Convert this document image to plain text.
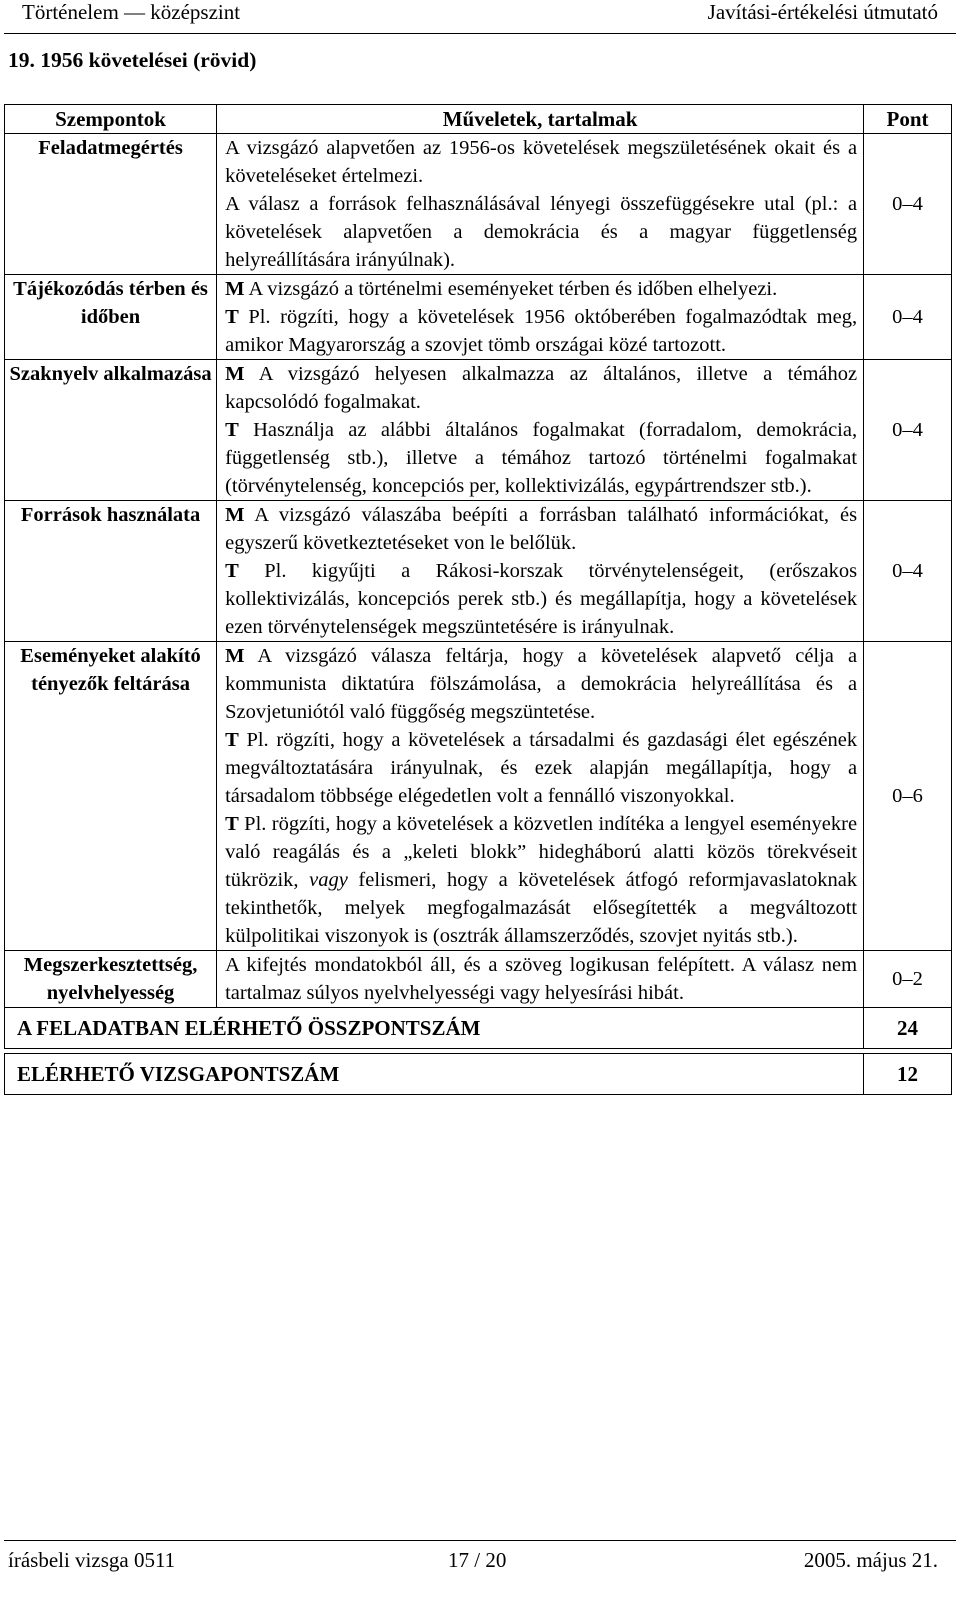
Történelem — középszint	Javítási-értékelési útmutató
19. 1956 követelései (rövid)
Szempontok	Műveletek, tartalmak	Pont
Feladatmegértés	A vizsgázó alapvetően az 1956-os követelések megszületésének okait és a követeléseket értelmezi.

A válasz a források felhasználásával lényegi összefüggésekre utal (pl.: a követelések alapvetően a demokrácia és a magyar függetlenség helyreállítására irányúlnak).	0–4
Tájékozódás térben és időben	M A vizsgázó a történelmi eseményeket térben és időben elhelyezi.

T Pl. rögzíti, hogy a követelések 1956 októberében fogalmazódtak meg, amikor Magyarország a szovjet tömb országai közé tartozott.	0–4
Szaknyelv alkalmazása	M A vizsgázó helyesen alkalmazza az általános, illetve a témához kapcsolódó fogalmakat.

T Használja az alábbi általános fogalmakat (forradalom, demokrácia, függetlenség stb.), illetve a témához tartozó történelmi fogalmakat (törvénytelenség, koncepciós per, kollektivizálás, egypártrendszer stb.).	0–4
Források használata	M A vizsgázó válaszába beépíti a forrásban található információkat, és egyszerű következtetéseket von le belőlük.

T Pl. kigyűjti a Rákosi-korszak törvénytelenségeit, (erőszakos kollektivizálás, koncepciós perek stb.) és megállapítja, hogy a követelések ezen törvénytelenségek megszüntetésére is irányulnak.	0–4
Eseményeket alakító tényezők feltárása	M A vizsgázó válasza feltárja, hogy a követelések alapvető célja a kommunista diktatúra fölszámolása, a demokrácia helyreállítása és a Szovjetuniótól való függőség megszüntetése.

T Pl. rögzíti, hogy a követelések a társadalmi és gazdasági élet egészének megváltoztatására irányulnak, és ezek alapján megállapítja, hogy a társadalom többsége elégedetlen volt a fennálló viszonyokkal.

T Pl. rögzíti, hogy a követelések a közvetlen indítéka a lengyel eseményekre való reagálás és a „keleti blokk” hidegháború alatti közös törekvéseit tükrözik, vagy felismeri, hogy a követelések átfogó reformjavaslatoknak tekinthetők, melyek megfogalmazását elősegítették a megváltozott külpolitikai viszonyok is (osztrák államszerződés, szovjet nyitás stb.).	0–6
Megszerkesztettség, nyelvhelyesség	A kifejtés mondatokból áll, és a szöveg logikusan felépített. A válasz nem tartalmaz súlyos nyelvhelyességi vagy helyesírási hibát.	0–2
A FELADATBAN ELÉRHETŐ ÖSSZPONTSZÁM		24

ELÉRHETŐ VIZSGAPONTSZÁM		12
írásbeli vizsga 0511	17 / 20	2005. május 21.
